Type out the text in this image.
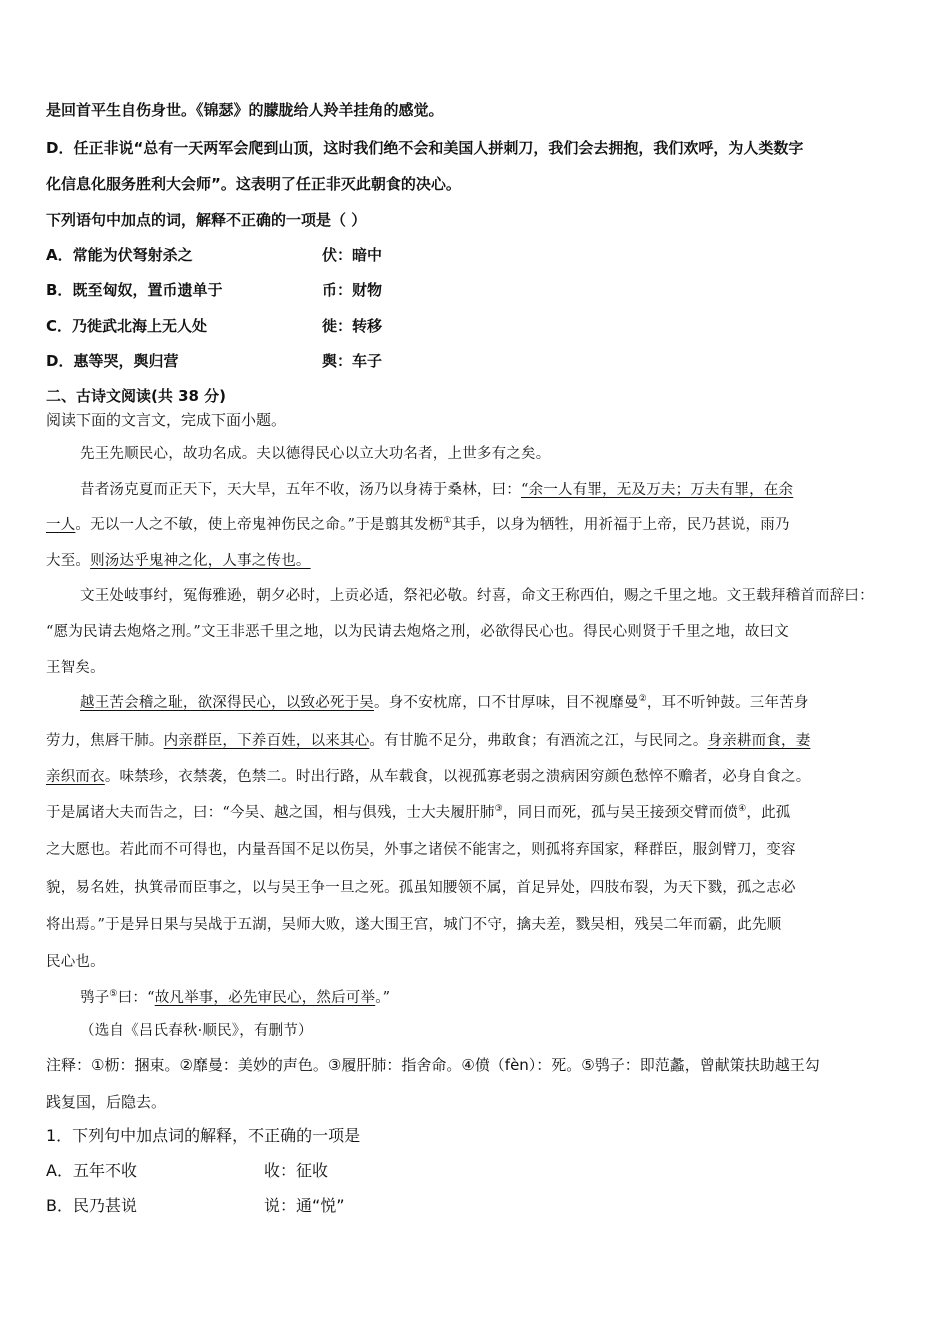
是回首平生自伤身世。《锦瑟》的朦胧给人羚羊挂角的感觉。
D．任正非说“总有一天两军会爬到山顶，这时我们绝不会和美国人拼刺刀，我们会去拥抱，我们欢呼，为人类数字
化信息化服务胜利大会师”。这表明了任正非灭此朝食的决心。
下列语句中加点的词，解释不正确的一项是（ ）
A．常能为伏弩射杀之	伏：暗中
B．既至匈奴，置币遗单于	币：财物
C．乃徙武北海上无人处	徙：转移
D．惠等哭，舆归营	舆：车子
二、古诗文阅读(共 38 分)
阅读下面的文言文，完成下面小题。
先王先顺民心，故功名成。夫以德得民心以立大功名者，上世多有之矣。
昔者汤克夏而正天下，天大旱，五年不收，汤乃以身祷于桑林，曰：“余一人有罪，无及万夫；万夫有罪，在余
一人。无以一人之不敏，使上帝鬼神伤民之命。”于是翦其发枥①其手，以身为牺牲，用祈福于上帝，民乃甚说，雨乃
大至。则汤达乎鬼神之化，人事之传也。
文王处岐事纣，冤侮雅逊，朝夕必时，上贡必适，祭祀必敬。纣喜，命文王称西伯，赐之千里之地。文王载拜稽首而辞曰：
“愿为民请去炮烙之刑。”文王非恶千里之地，以为民请去炮烙之刑，必欲得民心也。得民心则贤于千里之地，故曰文
王智矣。
越王苦会稽之耻，欲深得民心，以致必死于吴。身不安枕席，口不甘厚味，目不视靡曼②，耳不听钟鼓。三年苦身
劳力，焦唇干肺。内亲群臣，下养百姓，以来其心。有甘脆不足分，弗敢食；有酒流之江，与民同之。身亲耕而食，妻
亲织而衣。味禁珍，衣禁袭，色禁二。时出行路，从车载食，以视孤寡老弱之溃病困穷颜色愁悴不赡者，必身自食之。
于是属诸大夫而告之，曰：“今吴、越之国，相与俱残，士大夫履肝肺③，同日而死，孤与吴王接颈交臂而偾④，此孤
之大愿也。若此而不可得也，内量吾国不足以伤吴，外事之诸侯不能害之，则孤将弃国家，释群臣，服剑臂刀，变容
貌，易名姓，执箕帚而臣事之，以与吴王争一旦之死。孤虽知腰领不属，首足异处，四肢布裂，为天下戮，孤之志必
将出焉。”于是异日果与吴战于五湖，吴师大败，遂大围王宫，城门不守，擒夫差，戮吴相，残吴二年而霸，此先顺
民心也。
鸮子⑤曰：“故凡举事，必先审民心，然后可举。”
（选自《吕氏春秋·顺民》，有删节）
注释：①枥：捆束。②靡曼：美妙的声色。③履肝肺：指舍命。④偾（fèn）：死。⑤鸮子：即范蠡，曾献策扶助越王勾
践复国，后隐去。
1．下列句中加点词的解释，不正确的一项是
A．五年不收	收：征收
B．民乃甚说	说：通“悦”
